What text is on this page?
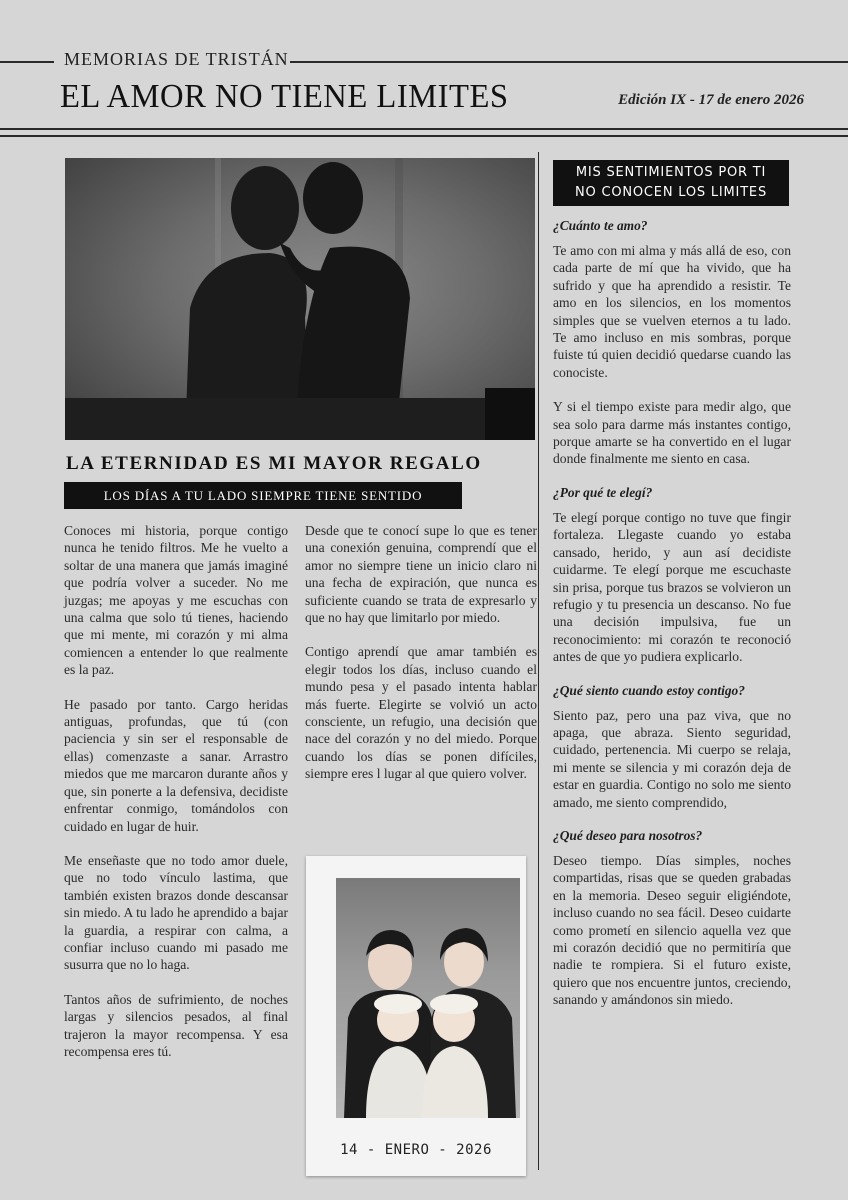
MEMORIAS DE TRISTÁN
EL AMOR NO TIENE LIMITES	Edición IX - 17 de enero 2026
LA ETERNIDAD ES MI MAYOR REGALO
LOS DÍAS A TU LADO SIEMPRE TIENE SENTIDO

Conoces mi historia, porque contigo nunca he tenido filtros. Me he vuelto a soltar de una manera que jamás imaginé que podría volver a suceder. No me juzgas; me apoyas y me escuchas con una calma que solo tú tienes, haciendo que mi mente, mi corazón y mi alma comiencen a entender lo que realmente es la paz.

He pasado por tanto. Cargo heridas antiguas, profundas, que tú (con paciencia y sin ser el responsable de ellas) comenzaste a sanar. Arrastro miedos que me marcaron durante años y que, sin ponerte a la defensiva, decidiste enfrentar conmigo, tomándolos con cuidado en lugar de huir.

Me enseñaste que no todo amor duele, que no todo vínculo lastima, que también existen brazos donde descansar sin miedo. A tu lado he aprendido a bajar la guardia, a respirar con calma, a confiar incluso cuando mi pasado me susurra que no lo haga.

Tantos años de sufrimiento, de noches largas y silencios pesados, al final trajeron la mayor recompensa. Y esa recompensa eres tú.

Desde que te conocí supe lo que es tener una conexión genuina, comprendí que el amor no siempre tiene un inicio claro ni una fecha de expiración, que nunca es suficiente cuando se trata de expresarlo y que no hay que limitarlo por miedo.

Contigo aprendí que amar también es elegir todos los días, incluso cuando el mundo pesa y el pasado intenta hablar más fuerte. Elegirte se volvió un acto consciente, un refugio, una decisión que nace del corazón y no del miedo. Porque cuando los días se ponen difíciles, siempre eres l lugar al que quiero volver.

14 - ENERO - 2026
MIS SENTIMIENTOS POR TI
NO CONOCEN LOS LIMITES
¿Cuánto te amo?

Te amo con mi alma y más allá de eso, con cada parte de mí que ha vivido, que ha sufrido y que ha aprendido a resistir. Te amo en los silencios, en los momentos simples que se vuelven eternos a tu lado. Te amo incluso en mis sombras, porque fuiste tú quien decidió quedarse cuando las conociste.

Y si el tiempo existe para medir algo, que sea solo para darme más instantes contigo, porque amarte se ha convertido en el lugar donde finalmente me siento en casa.

¿Por qué te elegí?

Te elegí porque contigo no tuve que fingir fortaleza. Llegaste cuando yo estaba cansado, herido, y aun así decidiste cuidarme. Te elegí porque me escuchaste sin prisa, porque tus brazos se volvieron un refugio y tu presencia un descanso. No fue una decisión impulsiva, fue un reconocimiento: mi corazón te reconoció antes de que yo pudiera explicarlo.

¿Qué siento cuando estoy contigo?

Siento paz, pero una paz viva, que no apaga, que abraza. Siento seguridad, cuidado, pertenencia. Mi cuerpo se relaja, mi mente se silencia y mi corazón deja de estar en guardia. Contigo no solo me siento amado, me siento comprendido,

¿Qué deseo para nosotros?

Deseo tiempo. Días simples, noches compartidas, risas que se queden grabadas en la memoria. Deseo seguir eligiéndote, incluso cuando no sea fácil. Deseo cuidarte como prometí en silencio aquella vez que mi corazón decidió que no permitiría que nadie te rompiera. Si el futuro existe, quiero que nos encuentre juntos, creciendo, sanando y amándonos sin miedo.
